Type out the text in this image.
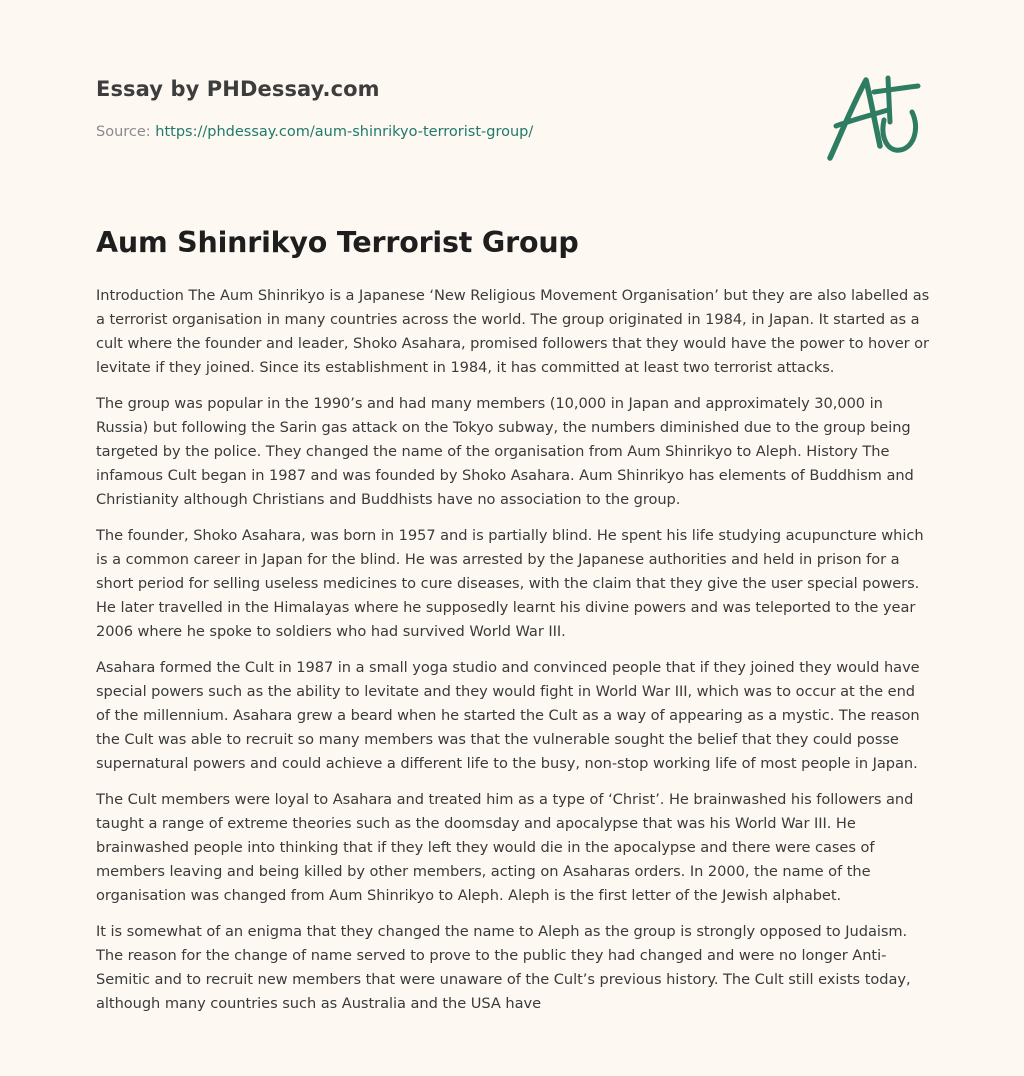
Essay by PHDessay.com
Source: https://phdessay.com/aum-shinrikyo-terrorist-group/
Aum Shinrikyo Terrorist Group

Introduction The Aum Shinrikyo is a Japanese ‘New Religious Movement Organisation’ but they are also labelled as a terrorist organisation in many countries across the world. The group originated in 1984, in Japan. It started as a cult where the founder and leader, Shoko Asahara, promised followers that they would have the power to hover or levitate if they joined. Since its establishment in 1984, it has committed at least two terrorist attacks.

The group was popular in the 1990’s and had many members (10,000 in Japan and approximately 30,000 in Russia) but following the Sarin gas attack on the Tokyo subway, the numbers diminished due to the group being targeted by the police. They changed the name of the organisation from Aum Shinrikyo to Aleph. History The infamous Cult began in 1987 and was founded by Shoko Asahara. Aum Shinrikyo has elements of Buddhism and Christianity although Christians and Buddhists have no association to the group.

The founder, Shoko Asahara, was born in 1957 and is partially blind. He spent his life studying acupuncture which is a common career in Japan for the blind. He was arrested by the Japanese authorities and held in prison for a short period for selling useless medicines to cure diseases, with the claim that they give the user special powers. He later travelled in the Himalayas where he supposedly learnt his divine powers and was teleported to the year 2006 where he spoke to soldiers who had survived World War III.

Asahara formed the Cult in 1987 in a small yoga studio and convinced people that if they joined they would have special powers such as the ability to levitate and they would fight in World War III, which was to occur at the end of the millennium. Asahara grew a beard when he started the Cult as a way of appearing as a mystic. The reason the Cult was able to recruit so many members was that the vulnerable sought the belief that they could posse supernatural powers and could achieve a different life to the busy, non-stop working life of most people in Japan.

The Cult members were loyal to Asahara and treated him as a type of ‘Christ’. He brainwashed his followers and taught a range of extreme theories such as the doomsday and apocalypse that was his World War III. He brainwashed people into thinking that if they left they would die in the apocalypse and there were cases of members leaving and being killed by other members, acting on Asaharas orders. In 2000, the name of the organisation was changed from Aum Shinrikyo to Aleph. Aleph is the first letter of the Jewish alphabet.

It is somewhat of an enigma that they changed the name to Aleph as the group is strongly opposed to Judaism. The reason for the change of name served to prove to the public they had changed and were no longer Anti-Semitic and to recruit new members that were unaware of the Cult’s previous history. The Cult still exists today, although many countries such as Australia and the USA have
